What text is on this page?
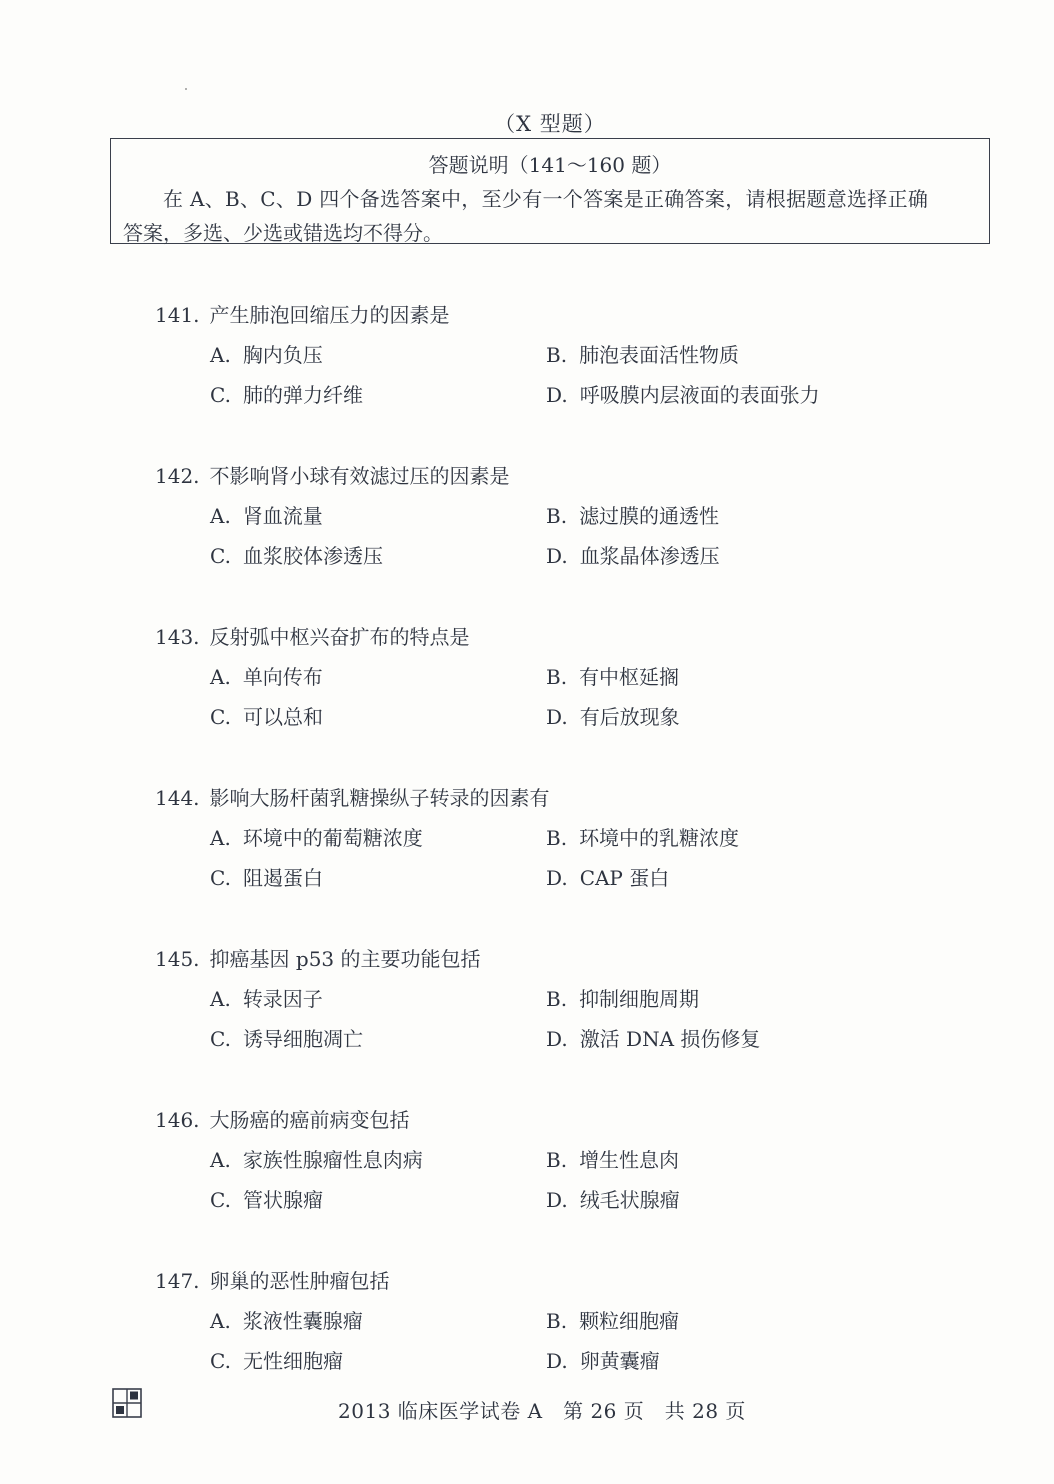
（X 型题）
答题说明（141～160 题）
在 A、B、C、D 四个备选答案中，至少有一个答案是正确答案，请根据题意选择正确
答案，多选、少选或错选均不得分。
141. 产生肺泡回缩压力的因素是
A. 胸内负压	B. 肺泡表面活性物质
C. 肺的弹力纤维	D. 呼吸膜内层液面的表面张力
142. 不影响肾小球有效滤过压的因素是
A. 肾血流量	B. 滤过膜的通透性
C. 血浆胶体渗透压	D. 血浆晶体渗透压
143. 反射弧中枢兴奋扩布的特点是
A. 单向传布	B. 有中枢延搁
C. 可以总和	D. 有后放现象
144. 影响大肠杆菌乳糖操纵子转录的因素有
A. 环境中的葡萄糖浓度	B. 环境中的乳糖浓度
C. 阻遏蛋白	D. CAP 蛋白
145. 抑癌基因 p53 的主要功能包括
A. 转录因子	B. 抑制细胞周期
C. 诱导细胞凋亡	D. 激活 DNA 损伤修复
146. 大肠癌的癌前病变包括
A. 家族性腺瘤性息肉病	B. 增生性息肉
C. 管状腺瘤	D. 绒毛状腺瘤
147. 卵巢的恶性肿瘤包括
A. 浆液性囊腺瘤	B. 颗粒细胞瘤
C. 无性细胞瘤	D. 卵黄囊瘤
2013 临床医学试卷 A　第 26 页　共 28 页
